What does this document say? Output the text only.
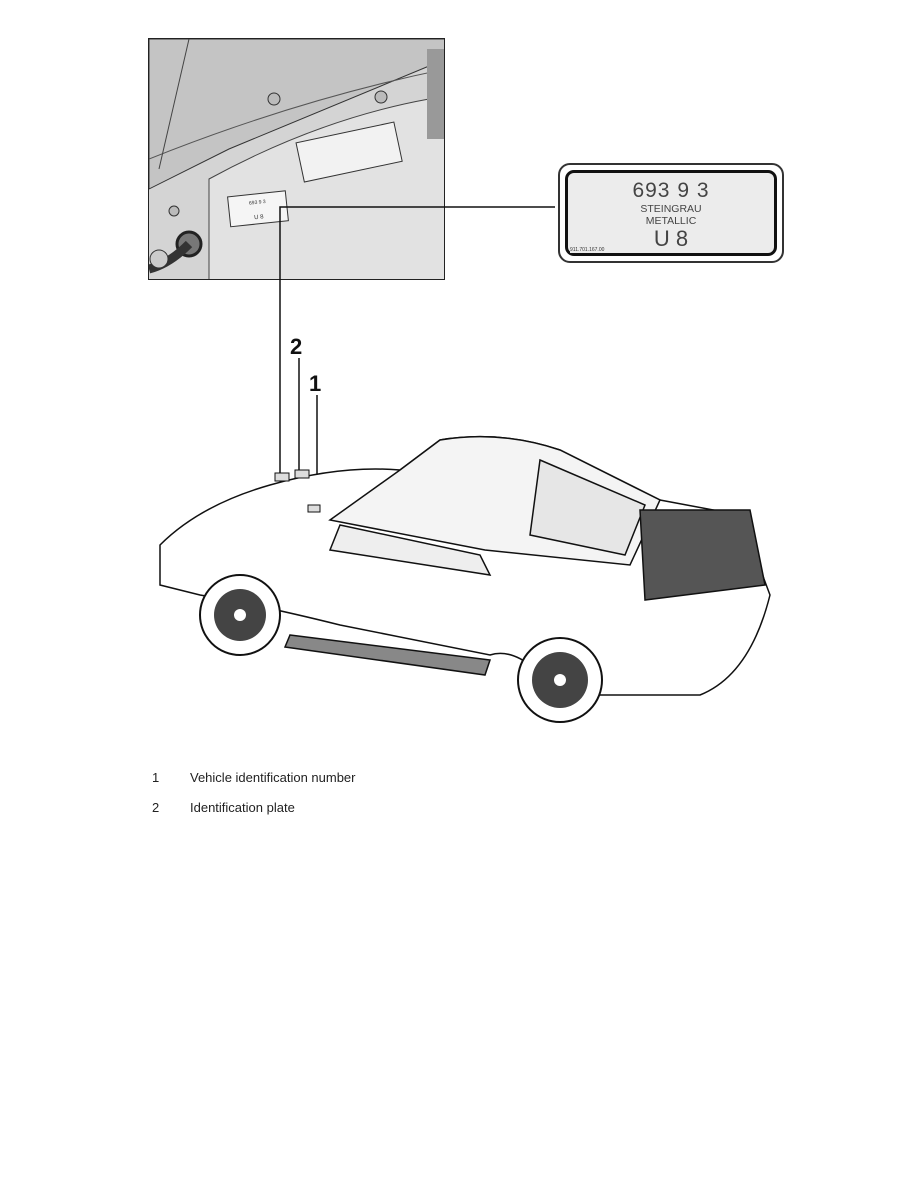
693 9 3
U 8
693 9 3
STEINGRAU
METALLIC
U 8
911.701.167.00
2
1
1 Vehicle identification number
2 Identification plate
